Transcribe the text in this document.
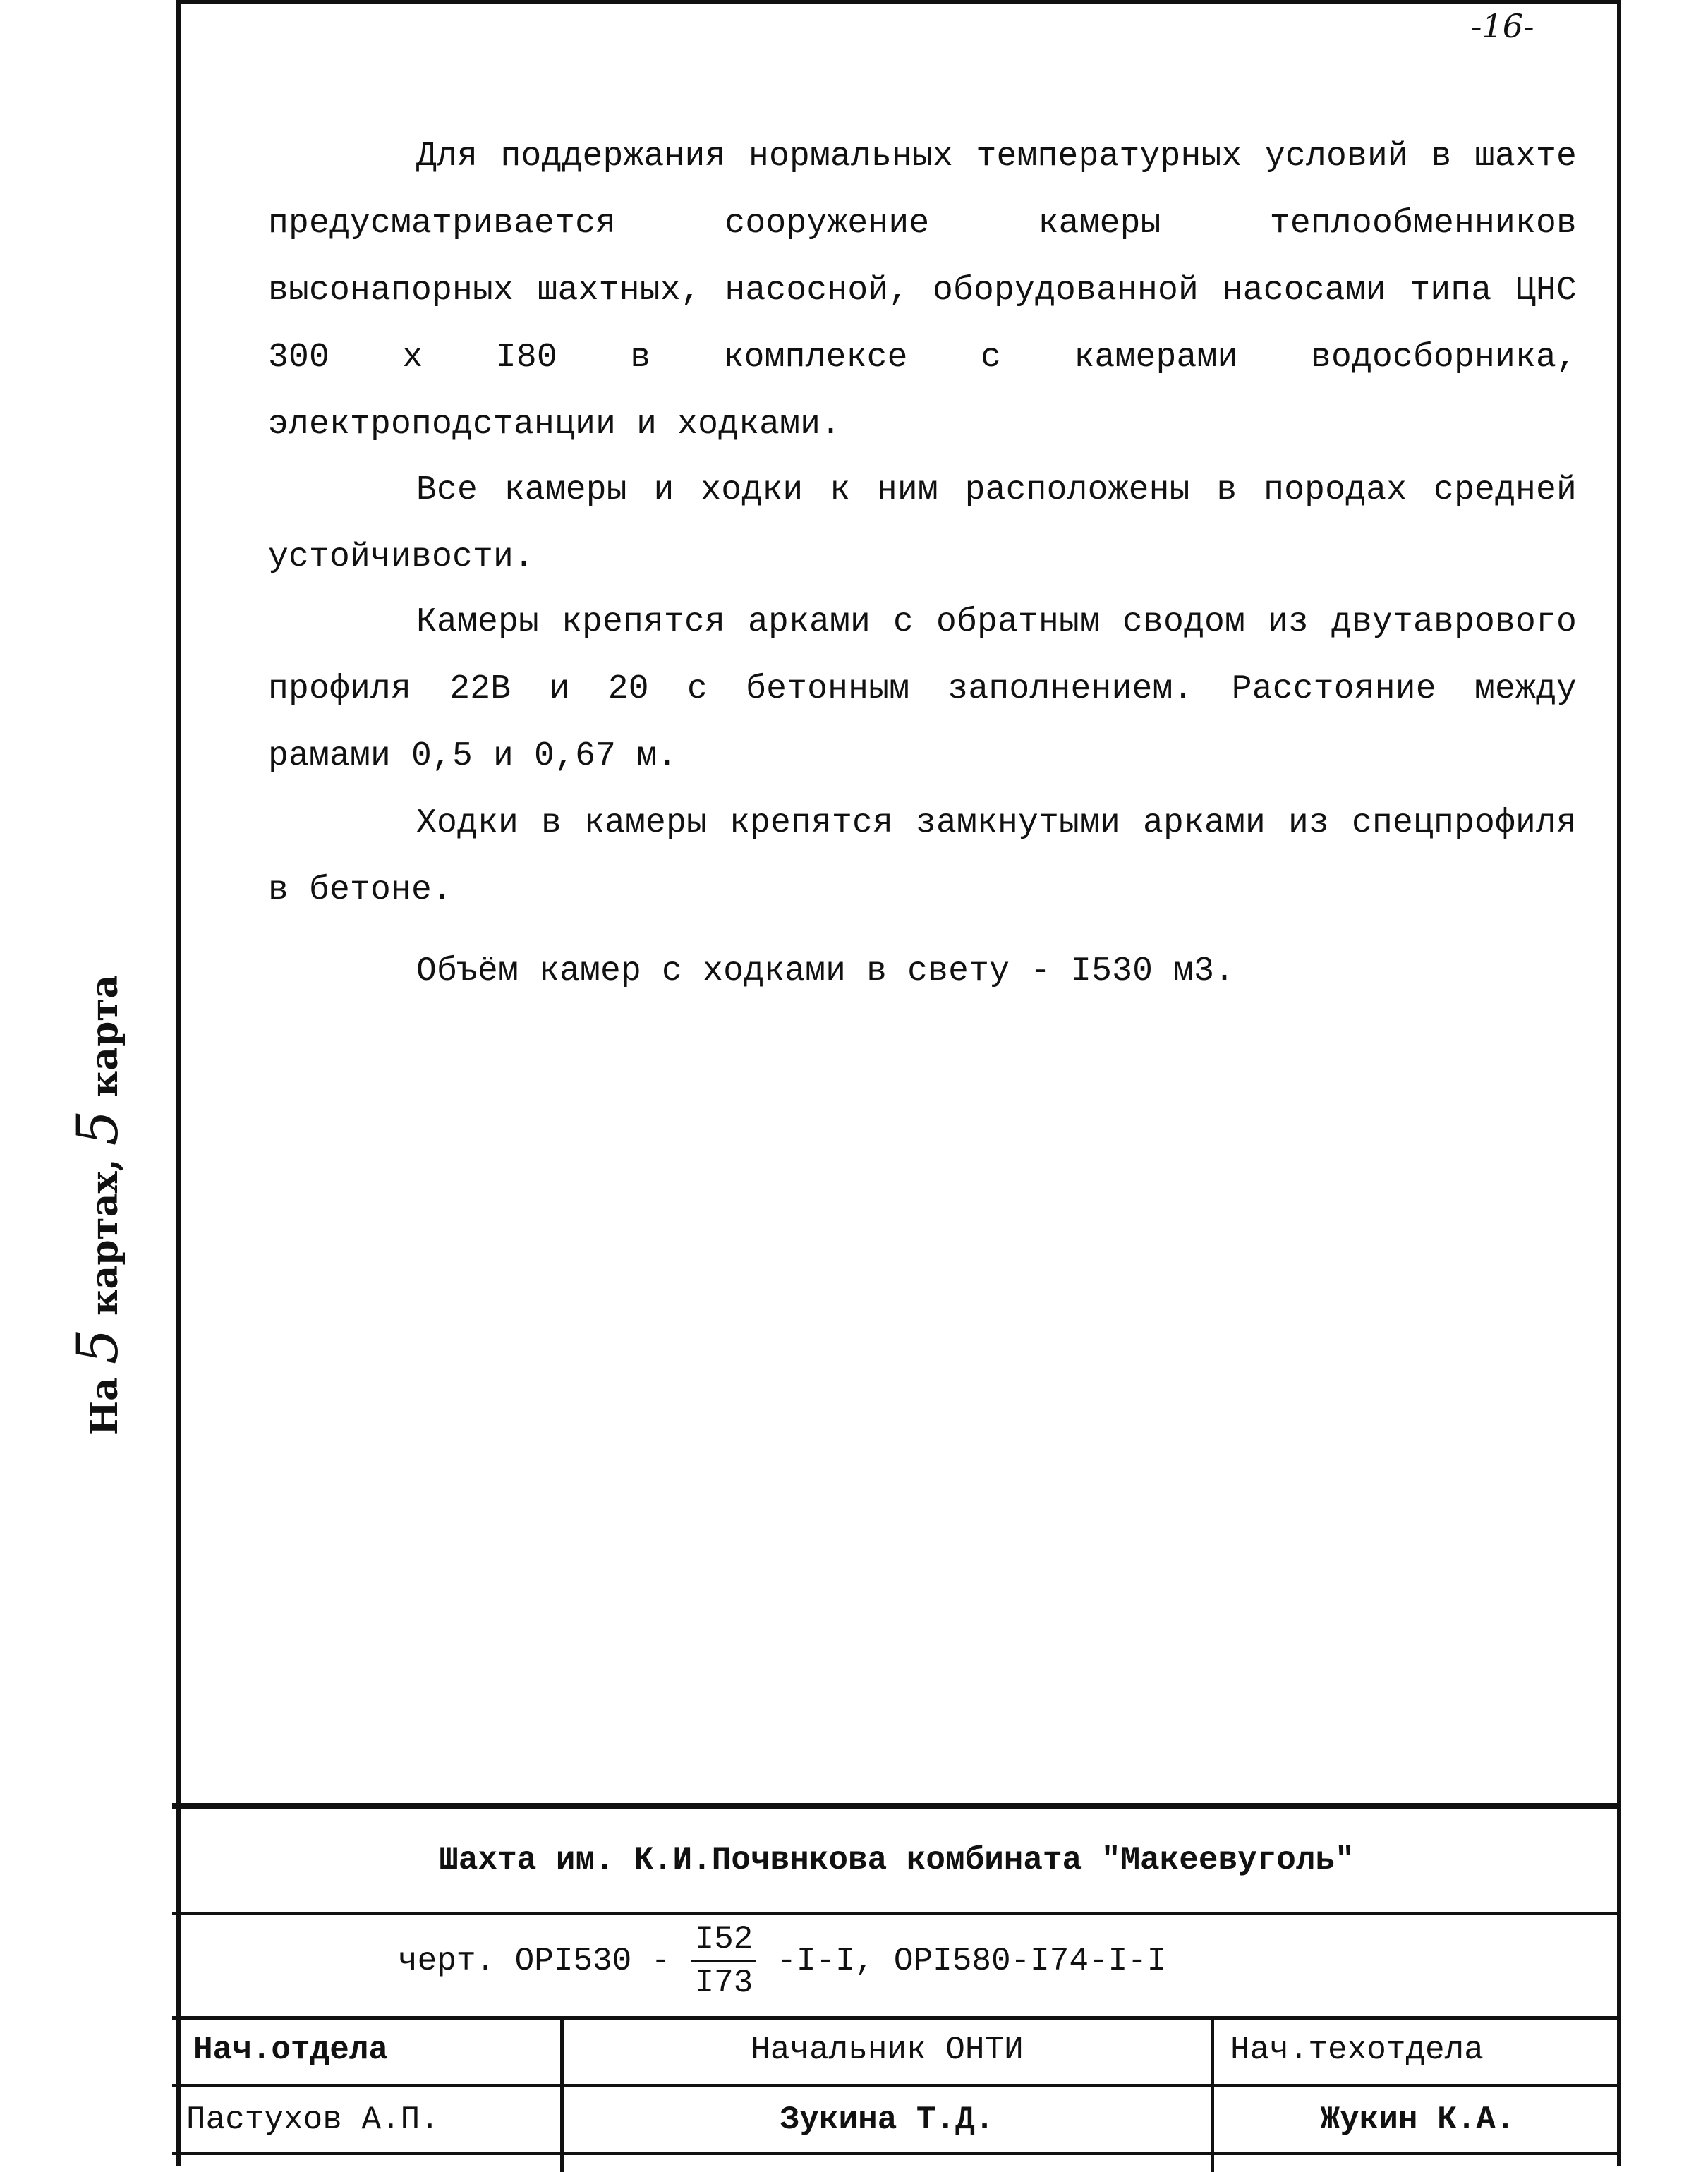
-16-
Для поддержания нормальных температурных условий в шахте предусматривается сооружение камеры теплообменников высонапорных шахтных, насосной, оборудованной насосами типа ЦНС 300 х I80 в комплексе с камерами водосборника, электроподстанции и ходками.
Все камеры и ходки к ним расположены в породах средней устойчивости.
Камеры крепятся арками с обратным сводом из двутаврового профиля 22В и 20 с бетонным заполнением. Расстояние между рамами 0,5 и 0,67 м.
Ходки в камеры крепятся замкнутыми арками из спецпрофиля в бетоне.
Объём камер с ходками в свету - I530 м3.
На 5 картах, 5 карта
Шахта им. К.И.Почвнкова комбината "Макеевуголь"
черт. $ОРI530 - \frac{I52}{I73} -I-I$, ОРI580-I74-I-I
Нач.отдела	Начальник ОНТИ	Нач.техотдела
Пастухов А.П.	Зукина Т.Д.	Жукин К.А.
